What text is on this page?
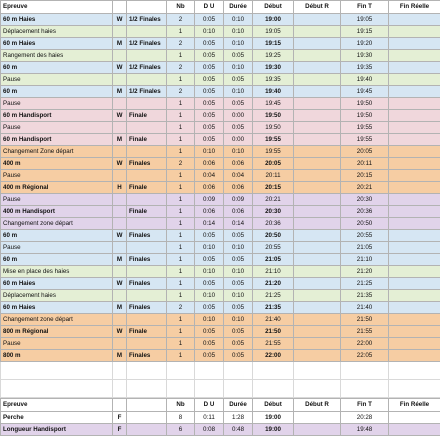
Epreuve			Nb	D U	Durée	Début	Début R	Fin T	Fin Réelle
60 m Haies	W	1/2 Finales	2	0:05	0:10	19:00		19:05	
Déplacement haies			1	0:10	0:10	19:05		19:15	
60 m Haies	M	1/2 Finales	2	0:05	0:10	19:15		19:20	
Rangement des haies			1	0:05	0:05	19:25		19:30	
60 m	W	1/2 Finales	2	0:05	0:10	19:30		19:35	
Pause			1	0:05	0:05	19:35		19:40	
60 m	M	1/2 Finales	2	0:05	0:10	19:40		19:45	
Pause			1	0:05	0:05	19:45		19:50	
60 m Handisport	W	Finale	1	0:05	0:00	19:50		19:50	
Pause			1	0:05	0:05	19:50		19:55	
60 m Handisport	M	Finale	1	0:05	0:00	19:55		19:55	
Changement Zone départ			1	0:10	0:10	19:55		20:05	
400 m	W	Finales	2	0:06	0:06	20:05		20:11	
Pause			1	0:04	0:04	20:11		20:15	
400 m Régional	H	Finale	1	0:06	0:06	20:15		20:21	
Pause			1	0:09	0:09	20:21		20:30	
400 m Handisport		Finale	1	0:06	0:06	20:30		20:36	
Changement zone départ			1	0:14	0:14	20:36		20:50	
60 m	W	Finales	1	0:05	0:05	20:50		20:55	
Pause			1	0:10	0:10	20:55		21:05	
60 m	M	Finales	1	0:05	0:05	21:05		21:10	
Mise en place des haies			1	0:10	0:10	21:10		21:20	
60 m Haies	W	Finales	1	0:05	0:05	21:20		21:25	
Déplacement haies			1	0:10	0:10	21:25		21:35	
60 m Haies	M	Finales	2	0:05	0:05	21:35		21:40	
Changement zone départ			1	0:10	0:10	21:40		21:50	
800 m Régional	W	Finale	1	0:05	0:05	21:50		21:55	
Pause			1	0:05	0:05	21:55		22:00	
800 m	M	Finales	1	0:05	0:05	22:00		22:05	

Epreuve			Nb	D U	Durée	Début	Début R	Fin T	Fin Réelle
Perche	F		8	0:11	1:28	19:00		20:28	
Longueur Handisport	F		6	0:08	0:48	19:00		19:48	
